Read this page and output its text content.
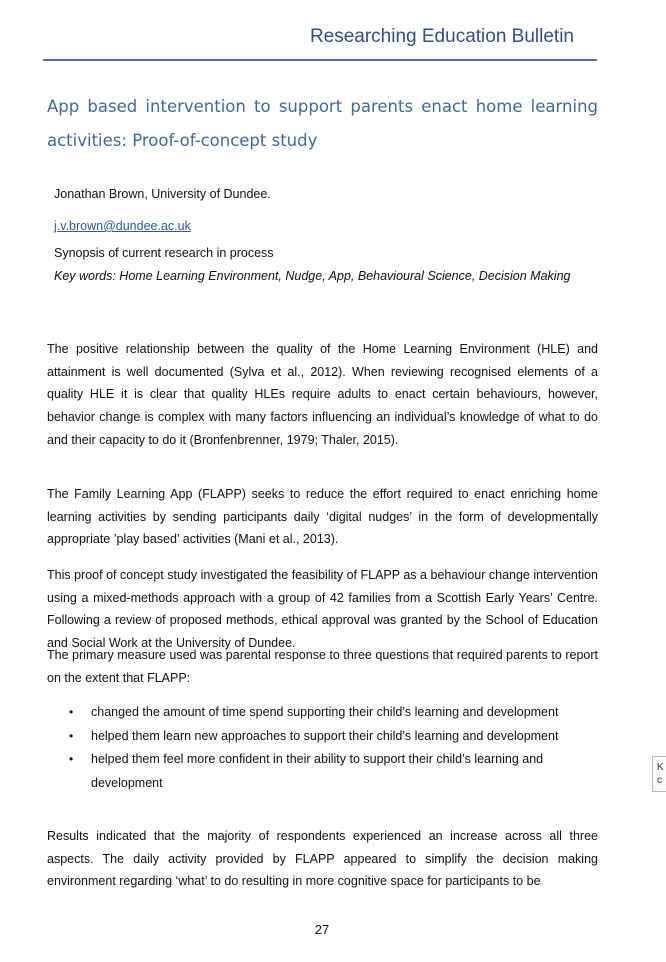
Researching Education Bulletin
App based intervention to support parents enact home learning activities: Proof-of-concept study
Jonathan Brown, University of Dundee.
j.v.brown@dundee.ac.uk
Synopsis of current research in process
Key words: Home Learning Environment, Nudge, App, Behavioural Science, Decision Making

The positive relationship between the quality of the Home Learning Environment (HLE) and attainment is well documented (Sylva et al., 2012). When reviewing recognised elements of a quality HLE it is clear that quality HLEs require adults to enact certain behaviours, however, behavior change is complex with many factors influencing an individual’s knowledge of what to do and their capacity to do it (Bronfenbrenner, 1979; Thaler, 2015).

The Family Learning App (FLAPP) seeks to reduce the effort required to enact enriching home learning activities by sending participants daily ‘digital nudges’ in the form of developmentally appropriate ’play based’ activities (Mani et al., 2013).

This proof of concept study investigated the feasibility of FLAPP as a behaviour change intervention using a mixed-methods approach with a group of 42 families from a Scottish Early Years’ Centre. Following a review of proposed methods, ethical approval was granted by the School of Education and Social Work at the University of Dundee.

The primary measure used was parental response to three questions that required parents to report on the extent that FLAPP:

• changed the amount of time spend supporting their child’s learning and development
• helped them learn new approaches to support their child’s learning and development
• helped them feel more confident in their ability to support their child’s learning and development

Results indicated that the majority of respondents experienced an increase across all three aspects. The daily activity provided by FLAPP appeared to simplify the decision making environment regarding ‘what’ to do resulting in more cognitive space for participants to be

27
K
c
